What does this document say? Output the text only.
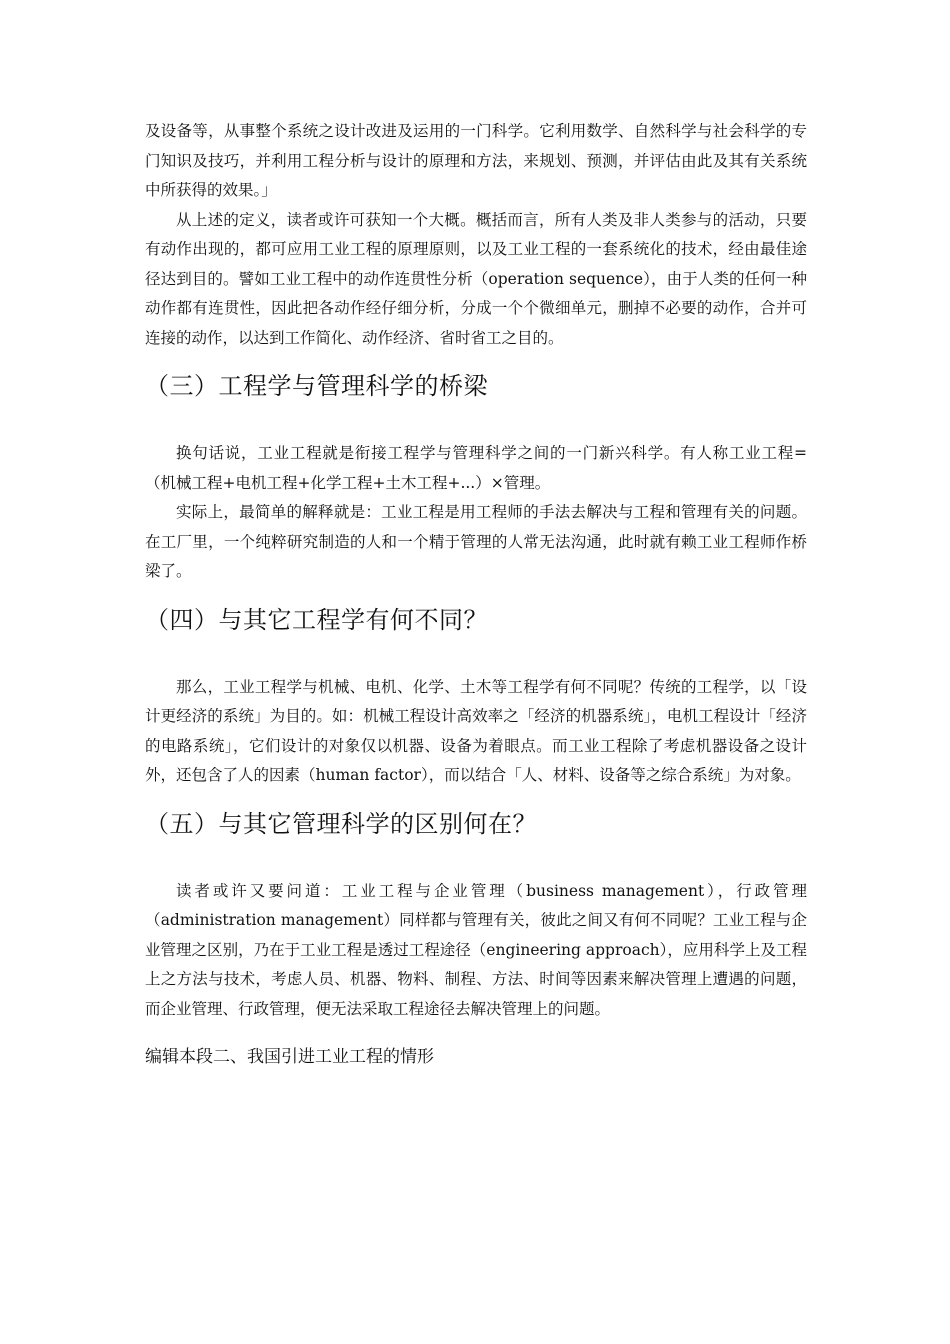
及设备等，从事整个系统之设计改进及运用的一门科学。它利用数学、自然科学与社会科学的专门知识及技巧，并利用工程分析与设计的原理和方法，来规划、预测，并评估由此及其有关系统中所获得的效果。」

从上述的定义，读者或许可获知一个大概。概括而言，所有人类及非人类参与的活动，只要有动作出现的，都可应用工业工程的原理原则，以及工业工程的一套系统化的技术，经由最佳途径达到目的。譬如工业工程中的动作连贯性分析（operation sequence），由于人类的任何一种动作都有连贯性，因此把各动作经仔细分析，分成一个个微细单元，删掉不必要的动作，合并可连接的动作，以达到工作简化、动作经济、省时省工之目的。

（三）工程学与管理科学的桥梁

换句话说，工业工程就是衔接工程学与管理科学之间的一门新兴科学。有人称工业工程=（机械工程+电机工程+化学工程+土木工程+...）×管理。

实际上，最简单的解释就是：工业工程是用工程师的手法去解决与工程和管理有关的问题。在工厂里，一个纯粹研究制造的人和一个精于管理的人常无法沟通，此时就有赖工业工程师作桥梁了。

（四）与其它工程学有何不同？

那么，工业工程学与机械、电机、化学、土木等工程学有何不同呢？传统的工程学，以「设计更经济的系统」为目的。如：机械工程设计高效率之「经济的机器系统」，电机工程设计「经济的电路系统」，它们设计的对象仅以机器、设备为着眼点。而工业工程除了考虑机器设备之设计外，还包含了人的因素（human factor），而以结合「人、材料、设备等之综合系统」为对象。

（五）与其它管理科学的区别何在？

读者或许又要问道：工业工程与企业管理（business management），行政管理（administration management）同样都与管理有关，彼此之间又有何不同呢？工业工程与企业管理之区别，乃在于工业工程是透过工程途径（engineering approach），应用科学上及工程上之方法与技术，考虑人员、机器、物料、制程、方法、时间等因素来解决管理上遭遇的问题，而企业管理、行政管理，便无法采取工程途径去解决管理上的问题。

编辑本段二、我国引进工业工程的情形
